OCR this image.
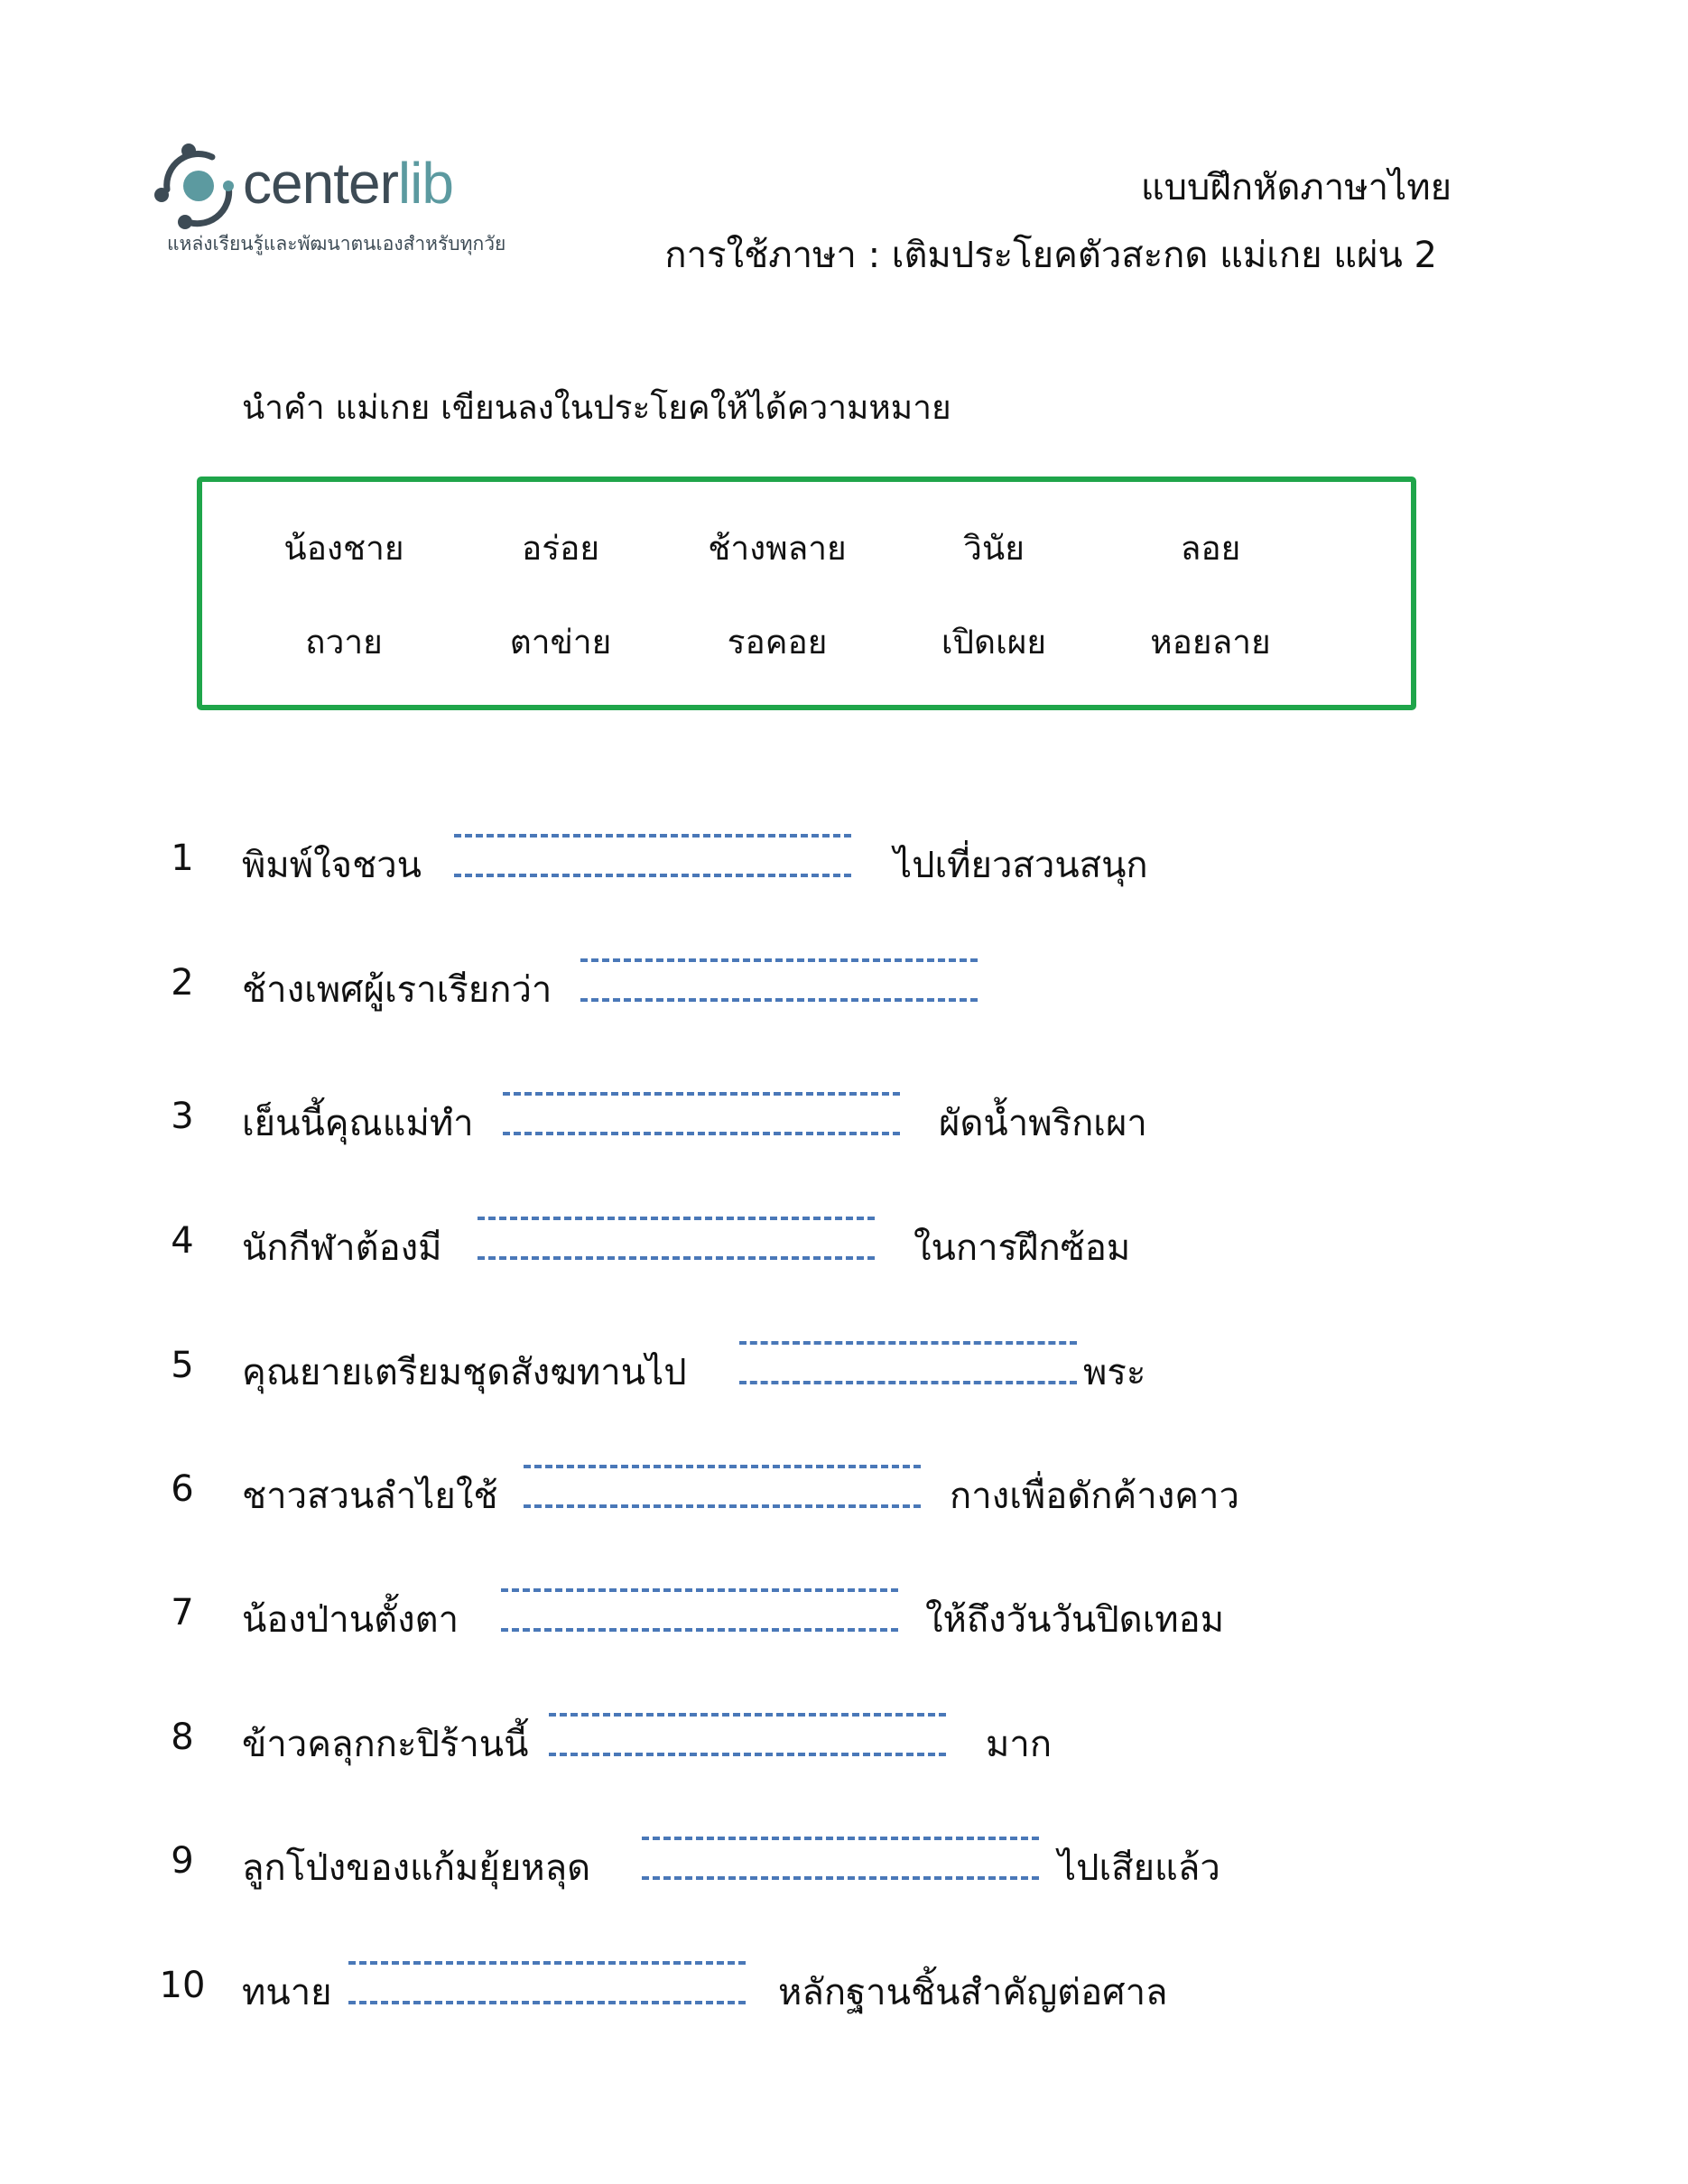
centerlib
แหล่งเรียนรู้และพัฒนาตนเองสำหรับทุกวัย
แบบฝึกหัดภาษาไทย
การใช้ภาษา : เติมประโยคตัวสะกด แม่เกย แผ่น 2
นำคำ แม่เกย เขียนลงในประโยคให้ได้ความหมาย
น้องชาย	อร่อย	ช้างพลาย	วินัย	ลอย
ถวาย	ตาข่าย	รอคอย	เปิดเผย	หอยลาย
1	พิมพ์ใจชวน	ไปเที่ยวสวนสนุก
2	ช้างเพศผู้เราเรียกว่า
3	เย็นนี้คุณแม่ทำ	ผัดน้ำพริกเผา
4	นักกีฬาต้องมี	ในการฝึกซ้อม
5	คุณยายเตรียมชุดสังฆทานไป	พระ
6	ชาวสวนลำไยใช้	กางเพื่อดักค้างคาว
7	น้องป่านตั้งตา	ให้ถึงวันวันปิดเทอม
8	ข้าวคลุกกะปิร้านนี้	มาก
9	ลูกโป่งของแก้มยุ้ยหลุด	ไปเสียแล้ว
10 ทนาย	หลักฐานชิ้นสำคัญต่อศาล
